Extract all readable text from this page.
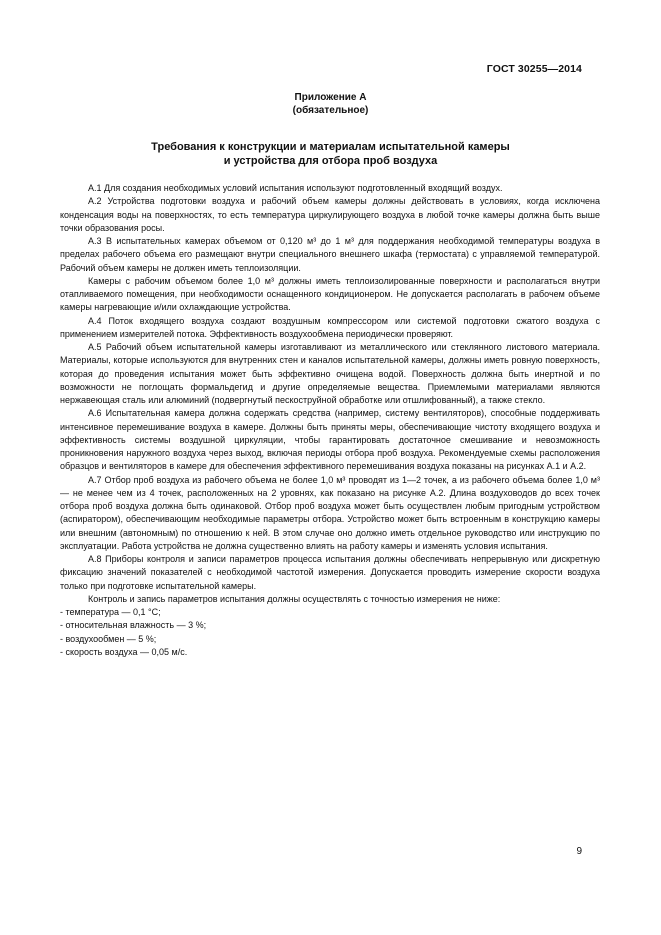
ГОСТ 30255—2014
Приложение А
(обязательное)
Требования к конструкции и материалам испытательной камеры
и устройства для отбора проб воздуха

А.1 Для создания необходимых условий испытания используют подготовленный входящий воздух.

А.2 Устройства подготовки воздуха и рабочий объем камеры должны действовать в условиях, когда исключена конденсация воды на поверхностях, то есть температура циркулирующего воздуха в любой точке камеры должна быть выше точки образования росы.

А.3 В испытательных камерах объемом от 0,120 м³ до 1 м³ для поддержания необходимой температуры воздуха в пределах рабочего объема его размещают внутри специального внешнего шкафа (термостата) с управляемой температурой. Рабочий объем камеры не должен иметь теплоизоляции.

Камеры с рабочим объемом более 1,0 м³ должны иметь теплоизолированные поверхности и располагаться внутри отапливаемого помещения, при необходимости оснащенного кондиционером. Не допускается располагать в рабочем объеме камеры нагревающие и/или охлаждающие устройства.

А.4 Поток входящего воздуха создают воздушным компрессором или системой подготовки сжатого воздуха с применением измерителей потока. Эффективность воздухообмена периодически проверяют.

А.5 Рабочий объем испытательной камеры изготавливают из металлического или стеклянного листового материала. Материалы, которые используются для внутренних стен и каналов испытательной камеры, должны иметь ровную поверхность, которая до проведения испытания может быть эффективно очищена водой. Поверхность должна быть инертной и по возможности не поглощать формальдегид и другие определяемые вещества. Приемлемыми материалами являются нержавеющая сталь или алюминий (подвергнутый пескоструйной обработке или отшлифованный), а также стекло.

А.6 Испытательная камера должна содержать средства (например, систему вентиляторов), способные поддерживать интенсивное перемешивание воздуха в камере. Должны быть приняты меры, обеспечивающие чистоту входящего воздуха и эффективность системы воздушной циркуляции, чтобы гарантировать достаточное смешивание и невозможность проникновения наружного воздуха через выход, включая периоды отбора проб воздуха. Рекомендуемые схемы расположения образцов и вентиляторов в камере для обеспечения эффективного перемешивания воздуха показаны на рисунках А.1 и А.2.

А.7 Отбор проб воздуха из рабочего объема не более 1,0 м³ проводят из 1—2 точек, а из рабочего объема более 1,0 м³ — не менее чем из 4 точек, расположенных на 2 уровнях, как показано на рисунке А.2. Длина воздуховодов до всех точек отбора проб воздуха должна быть одинаковой. Отбор проб воздуха может быть осуществлен любым пригодным устройством (аспиратором), обеспечивающим необходимые параметры отбора. Устройство может быть встроенным в конструкцию камеры или внешним (автономным) по отношению к ней. В этом случае оно должно иметь отдельное руководство или инструкцию по эксплуатации. Работа устройства не должна существенно влиять на работу камеры и изменять условия испытания.

А.8 Приборы контроля и записи параметров процесса испытания должны обеспечивать непрерывную или дискретную фиксацию значений показателей с необходимой частотой измерения. Допускается проводить измерение скорости воздуха только при подготовке испытательной камеры.

Контроль и запись параметров испытания должны осуществлять с точностью измерения не ниже:

- температура — 0,1 °C;

- относительная влажность — 3 %;

- воздухообмен — 5 %;

- скорость воздуха — 0,05 м/с.

9
